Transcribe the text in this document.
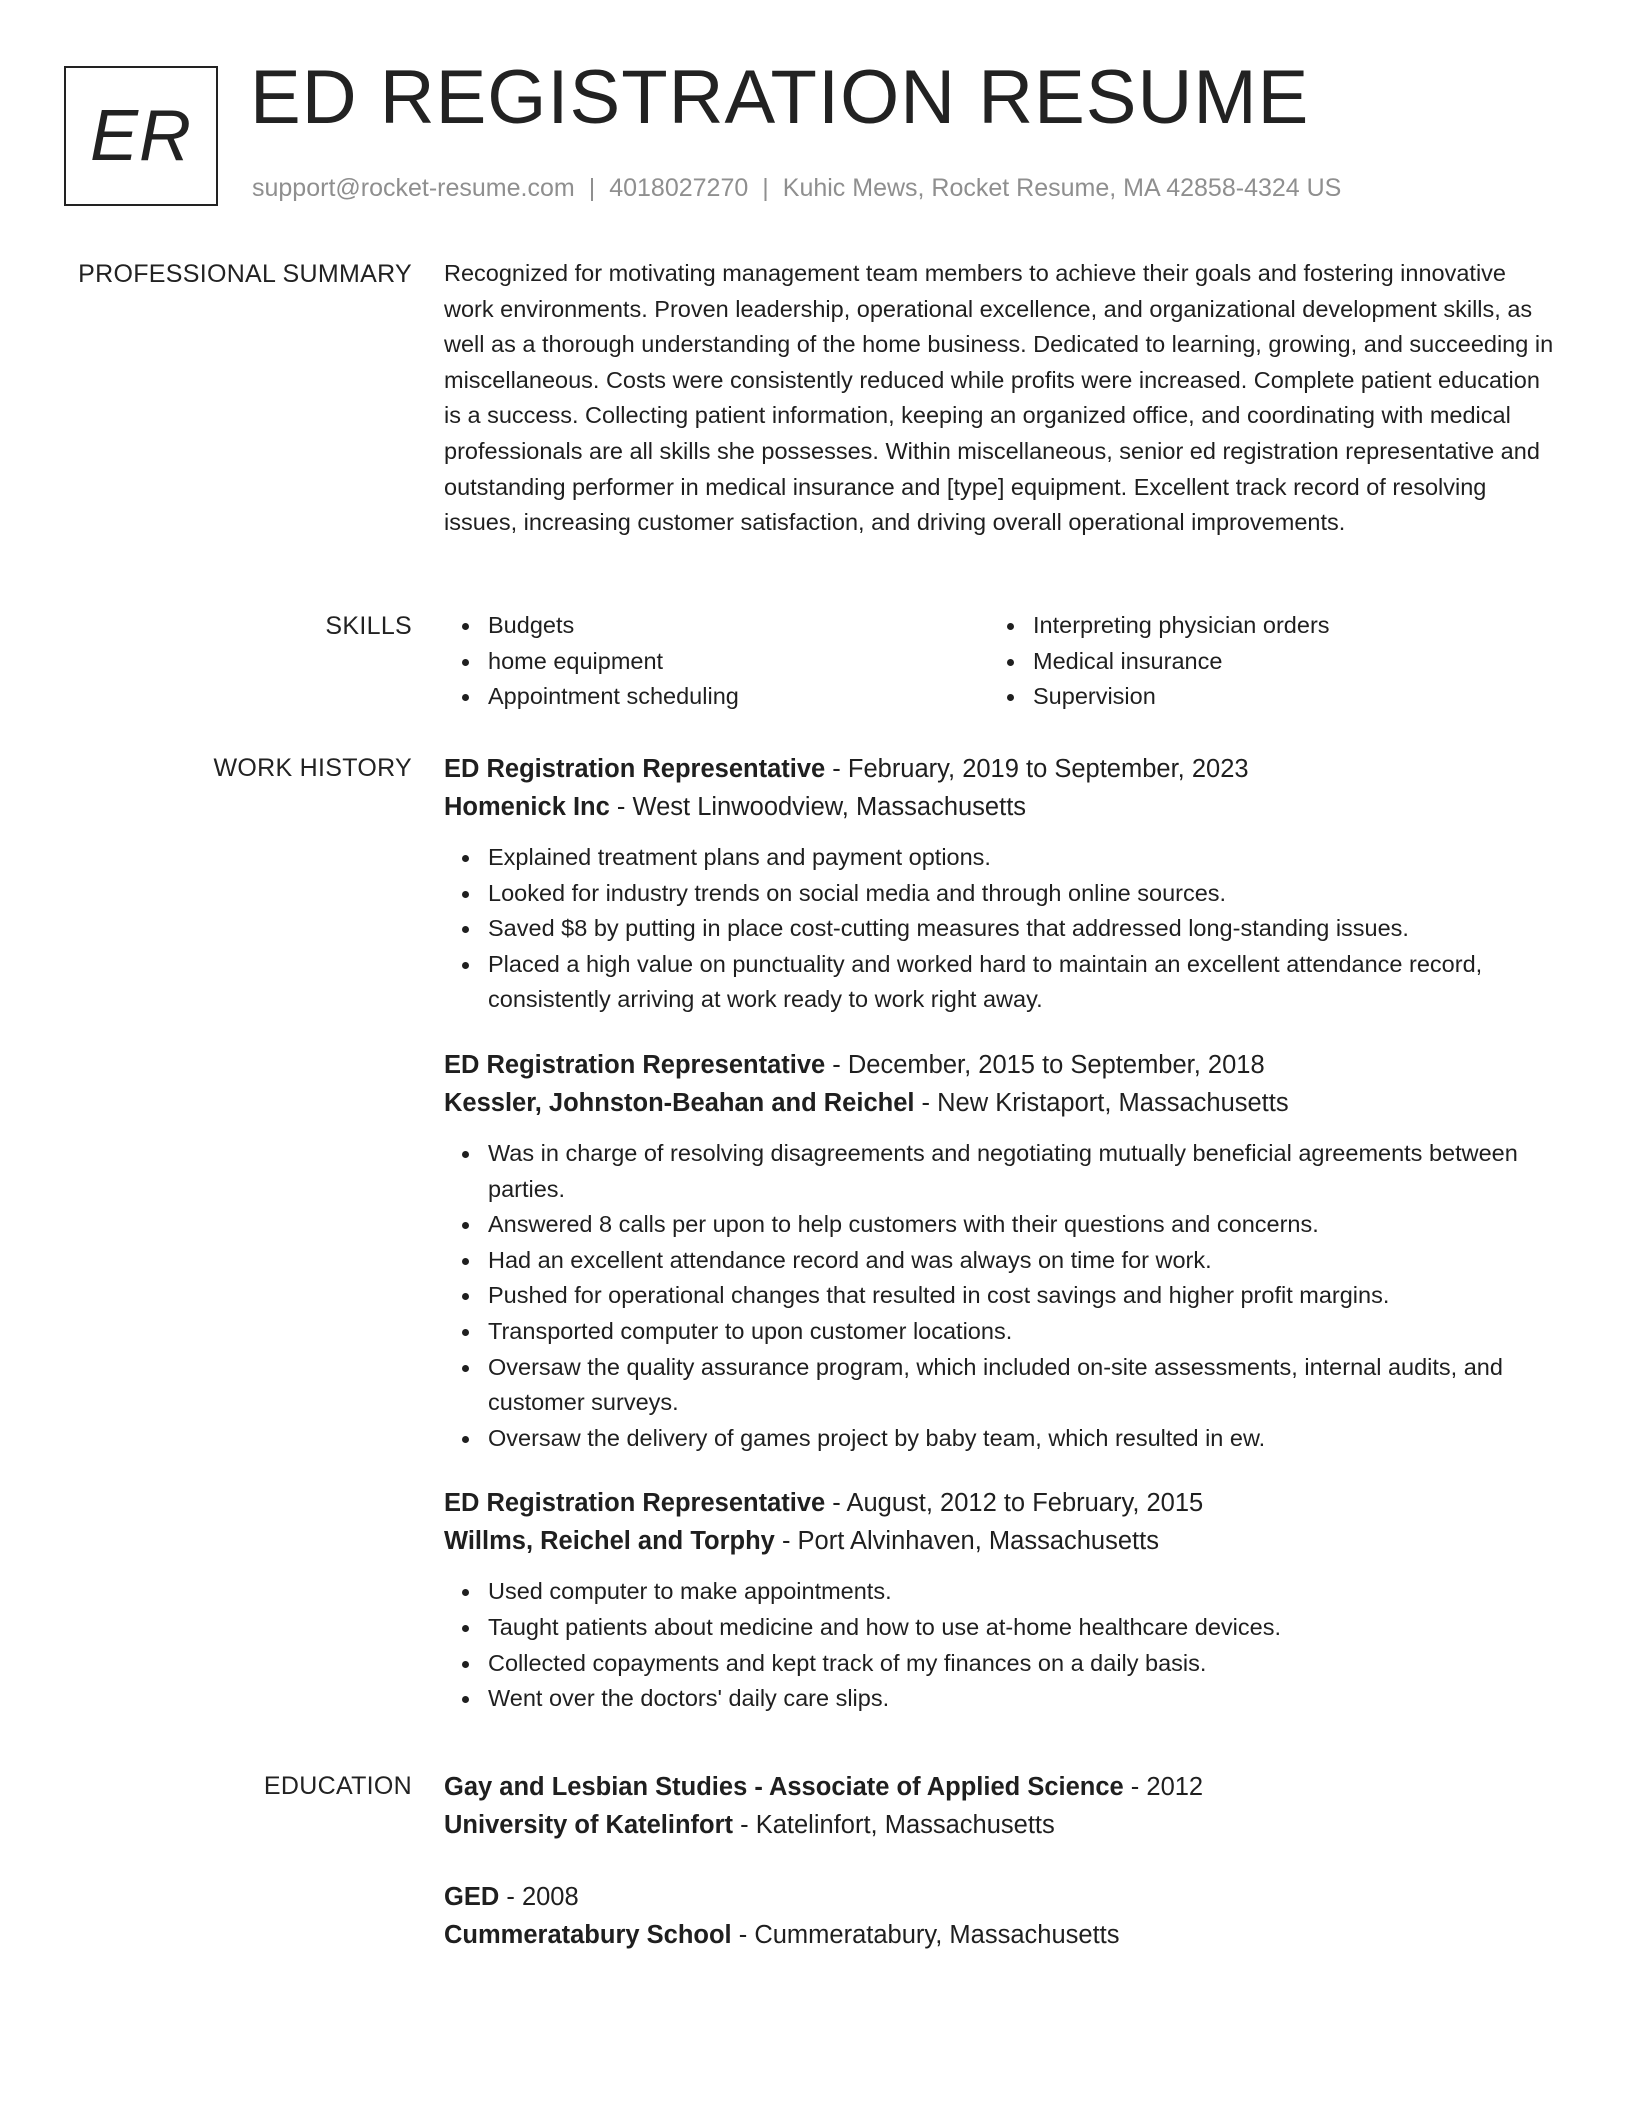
ER ED REGISTRATION RESUME
support@rocket-resume.com | 4018027270 | Kuhic Mews, Rocket Resume, MA 42858-4324 US
PROFESSIONAL SUMMARY Recognized for motivating management team members to achieve their goals and fostering innovative work environments. Proven leadership, operational excellence, and organizational development skills, as well as a thorough understanding of the home business. Dedicated to learning, growing, and succeeding in miscellaneous. Costs were consistently reduced while profits were increased. Complete patient education is a success. Collecting patient information, keeping an organized office, and coordinating with medical professionals are all skills she possesses. Within miscellaneous, senior ed registration representative and outstanding performer in medical insurance and [type] equipment. Excellent track record of resolving issues, increasing customer satisfaction, and driving overall operational improvements.

SKILLS	Budgets
home equipment
Appointment scheduling
Interpreting physician orders
Medical insurance
Supervision
WORK HISTORY ED Registration Representative - February, 2019 to September, 2023
Homenick Inc - West Linwoodview, Massachusetts
Explained treatment plans and payment options.
Looked for industry trends on social media and through online sources.
Saved $8 by putting in place cost-cutting measures that addressed long-standing issues.
Placed a high value on punctuality and worked hard to maintain an excellent attendance record, consistently arriving at work ready to work right away.
ED Registration Representative - December, 2015 to September, 2018
Kessler, Johnston-Beahan and Reichel - New Kristaport, Massachusetts
Was in charge of resolving disagreements and negotiating mutually beneficial agreements between parties.
Answered 8 calls per upon to help customers with their questions and concerns.
Had an excellent attendance record and was always on time for work.
Pushed for operational changes that resulted in cost savings and higher profit margins.
Transported computer to upon customer locations.
Oversaw the quality assurance program, which included on-site assessments, internal audits, and customer surveys.
Oversaw the delivery of games project by baby team, which resulted in ew.
ED Registration Representative - August, 2012 to February, 2015
Willms, Reichel and Torphy - Port Alvinhaven, Massachusetts
Used computer to make appointments.
Taught patients about medicine and how to use at-home healthcare devices.
Collected copayments and kept track of my finances on a daily basis.
Went over the doctors' daily care slips.
EDUCATION Gay and Lesbian Studies - Associate of Applied Science - 2012
University of Katelinfort - Katelinfort, Massachusetts
GED - 2008
Cummeratabury School - Cummeratabury, Massachusetts
